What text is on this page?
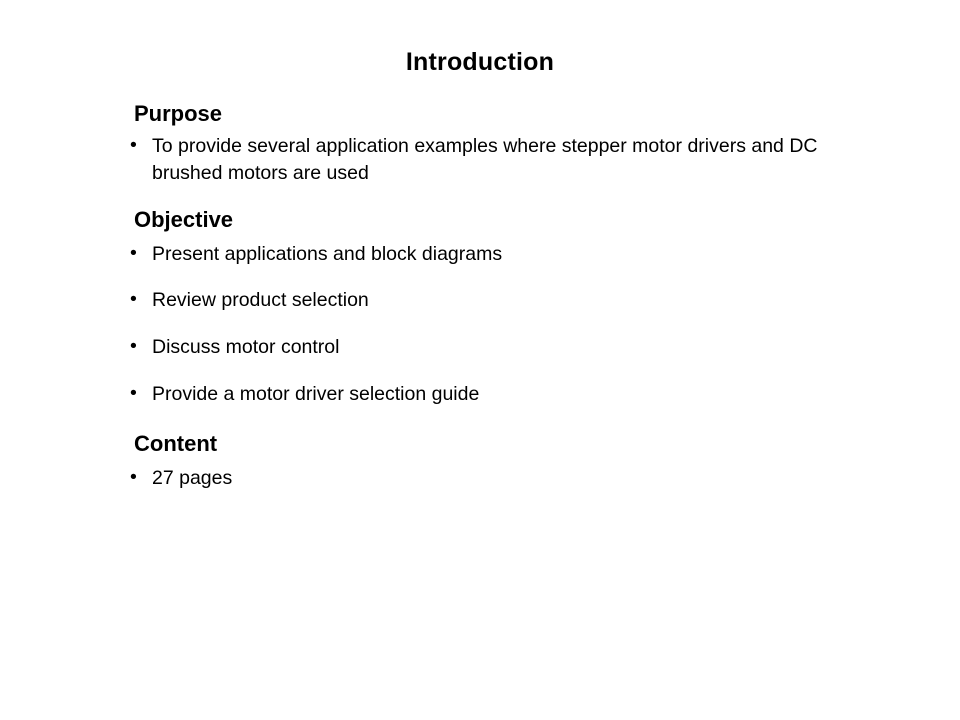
Introduction
Purpose
• To provide several application examples where stepper motor drivers and DC brushed motors are used
Objective
• Present applications and block diagrams
• Review product selection
• Discuss motor control
• Provide a motor driver selection guide
Content
• 27 pages
